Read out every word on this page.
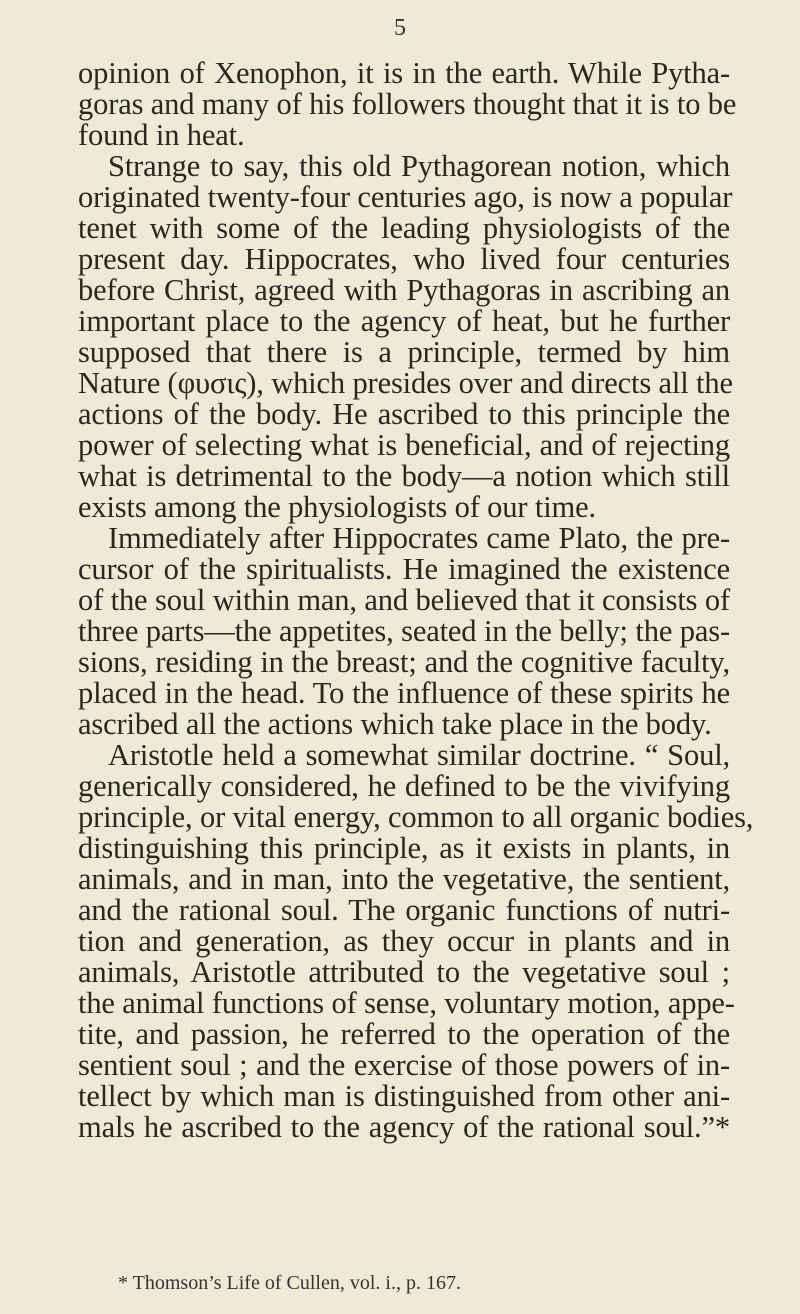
5
opinion of Xenophon, it is in the earth. While Pytha-
goras and many of his followers thought that it is to be
found in heat.
Strange to say, this old Pythagorean notion, which
originated twenty-four centuries ago, is now a popular
tenet with some of the leading physiologists of the
present day. Hippocrates, who lived four centuries
before Christ, agreed with Pythagoras in ascribing an
important place to the agency of heat, but he further
supposed that there is a principle, termed by him
Nature (φυσις), which presides over and directs all the
actions of the body. He ascribed to this principle the
power of selecting what is beneficial, and of rejecting
what is detrimental to the body—a notion which still
exists among the physiologists of our time.
Immediately after Hippocrates came Plato, the pre-
cursor of the spiritualists. He imagined the existence
of the soul within man, and believed that it consists of
three parts—the appetites, seated in the belly; the pas-
sions, residing in the breast; and the cognitive faculty,
placed in the head. To the influence of these spirits he
ascribed all the actions which take place in the body.
Aristotle held a somewhat similar doctrine. “ Soul,
generically considered, he defined to be the vivifying
principle, or vital energy, common to all organic bodies,
distinguishing this principle, as it exists in plants, in
animals, and in man, into the vegetative, the sentient,
and the rational soul. The organic functions of nutri-
tion and generation, as they occur in plants and in
animals, Aristotle attributed to the vegetative soul ;
the animal functions of sense, voluntary motion, appe-
tite, and passion, he referred to the operation of the
sentient soul ; and the exercise of those powers of in-
tellect by which man is distinguished from other ani-
mals he ascribed to the agency of the rational soul.”*
* Thomson’s Life of Cullen, vol. i., p. 167.
